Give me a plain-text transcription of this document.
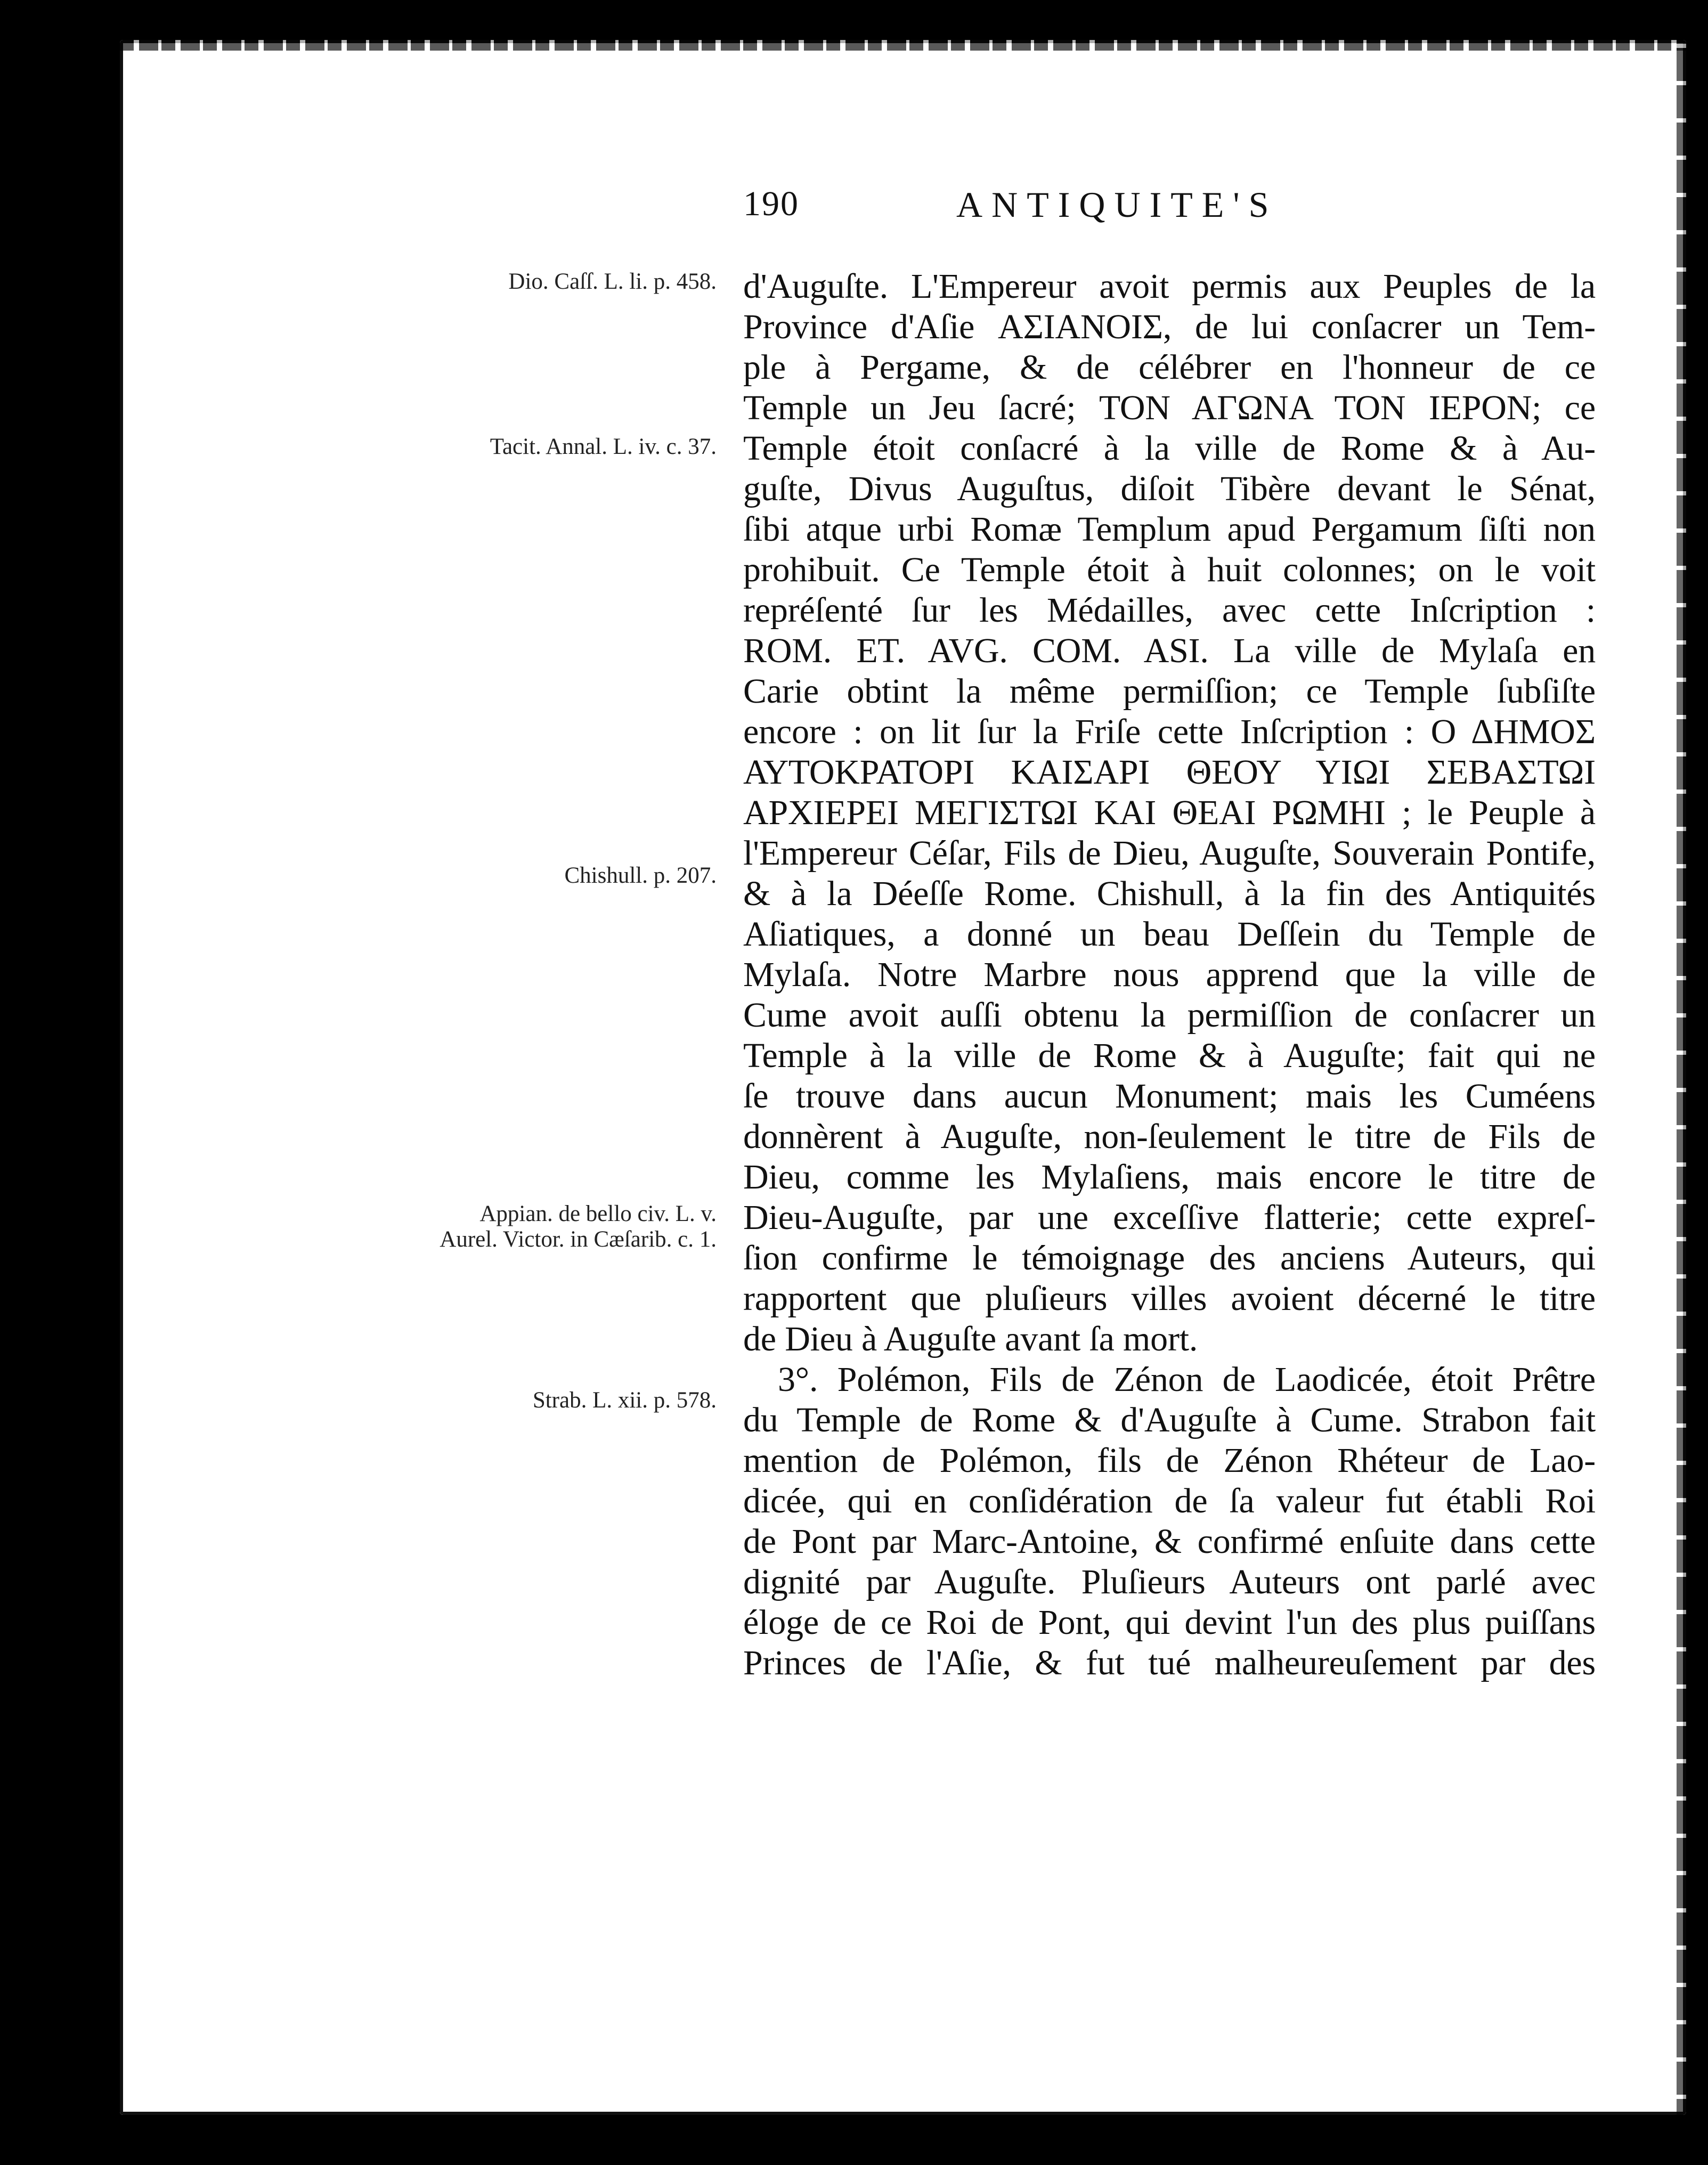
190	ANTIQUITE'S
Dio. Caſſ. L. li. p. 458.
Tacit. Annal. L. iv. c. 37.
Chishull. p. 207.
Appian. de bello civ. L. v. Aurel. Victor. in Cæſarib. c. 1.
Strab. L. xii. p. 578.
d'Auguſte. L'Empereur avoit permis aux Peuples de la
Province d'Aſie ΑΣΙΑΝΟΙΣ, de lui conſacrer un Tem-
ple à Pergame, & de célébrer en l'honneur de ce
Temple un Jeu ſacré; ΤΟΝ ΑΓΩΝΑ ΤΟΝ ΙΕΡΟΝ; ce
Temple étoit conſacré à la ville de Rome & à Au-
guſte, Divus Auguſtus, diſoit Tibère devant le Sénat,
ſibi atque urbi Romæ Templum apud Pergamum ſiſti non
prohibuit. Ce Temple étoit à huit colonnes; on le voit
repréſenté ſur les Médailles, avec cette Inſcription :
ROM. ET. AVG. COM. ASI. La ville de Mylaſa en
Carie obtint la même permiſſion; ce Temple ſubſiſte
encore : on lit ſur la Friſe cette Inſcription : Ο ΔΗΜΟΣ
ΑΥΤΟΚΡΑΤΟΡΙ ΚΑΙΣΑΡΙ ΘΕΟΥ ΥΙΩΙ ΣΕΒΑΣΤΩΙ
ΑΡΧΙΕΡΕΙ ΜΕΓΙΣΤΩΙ ΚΑΙ ΘΕΑΙ ΡΩΜΗΙ ; le Peuple à
l'Empereur Céſar, Fils de Dieu, Auguſte, Souverain Pontife,
& à la Déeſſe Rome. Chishull, à la fin des Antiquités
Aſiatiques, a donné un beau Deſſein du Temple de
Mylaſa. Notre Marbre nous apprend que la ville de
Cume avoit auſſi obtenu la permiſſion de conſacrer un
Temple à la ville de Rome & à Auguſte; fait qui ne
ſe trouve dans aucun Monument; mais les Cuméens
donnèrent à Auguſte, non-ſeulement le titre de Fils de
Dieu, comme les Mylaſiens, mais encore le titre de
Dieu-Auguſte, par une exceſſive flatterie; cette expreſ-
ſion confirme le témoignage des anciens Auteurs, qui
rapportent que pluſieurs villes avoient décerné le titre
de Dieu à Auguſte avant ſa mort.
3°. Polémon, Fils de Zénon de Laodicée, étoit Prêtre
du Temple de Rome & d'Auguſte à Cume. Strabon fait
mention de Polémon, fils de Zénon Rhéteur de Lao-
dicée, qui en conſidération de ſa valeur fut établi Roi
de Pont par Marc-Antoine, & confirmé enſuite dans cette
dignité par Auguſte. Pluſieurs Auteurs ont parlé avec
éloge de ce Roi de Pont, qui devint l'un des plus puiſſans
Princes de l'Aſie, & fut tué malheureuſement par des
